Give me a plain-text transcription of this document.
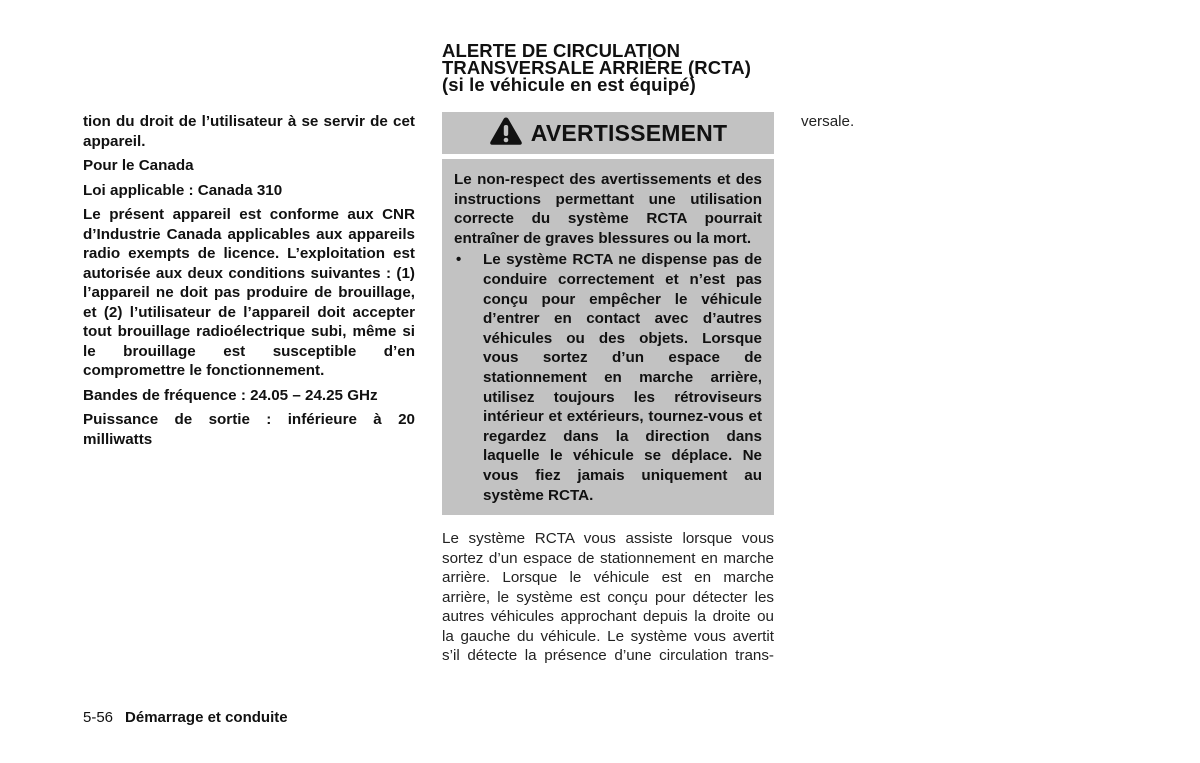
tion du droit de l’utilisateur à se servir de cet appareil.

Pour le Canada

Loi applicable : Canada 310

Le présent appareil est conforme aux CNR d’Industrie Canada applicables aux appareils radio exempts de licence. L’exploitation est autorisée aux deux conditions suivantes : (1) l’appareil ne doit pas produire de brouillage, et (2) l’utilisateur de l’appareil doit accepter tout brouillage radioélectrique subi, même si le brouillage est susceptible d’en compromettre le fonctionnement.

Bandes de fréquence : 24.05 – 24.25 GHz

Puissance de sortie : inférieure à 20 milliwatts

ALERTE DE CIRCULATION
TRANSVERSALE ARRIÈRE (RCTA)
(si le véhicule en est équipé)
AVERTISSEMENT

Le non-respect des avertissements et des instructions permettant une utilisation correcte du système RCTA pourrait entraîner de graves blessures ou la mort.

•	Le système RCTA ne dispense pas de conduire correctement et n’est pas conçu pour empêcher le véhicule d’entrer en contact avec d’autres véhicules ou des objets. Lorsque vous sortez d’un espace de stationnement en marche arrière, utilisez toujours les rétroviseurs intérieur et extérieurs, tournez-vous et regardez dans la direction dans laquelle le véhicule se déplace. Ne vous fiez jamais uniquement au système RCTA.

Le système RCTA vous assiste lorsque vous sortez d’un espace de stationnement en marche arrière. Lorsque le véhicule est en marche arrière, le système est conçu pour détecter les autres véhicules approchant depuis la droite ou la gauche du véhicule. Le système vous avertit s’il détecte la présence d’une circulation trans-

versale.

5-56 Démarrage et conduite
